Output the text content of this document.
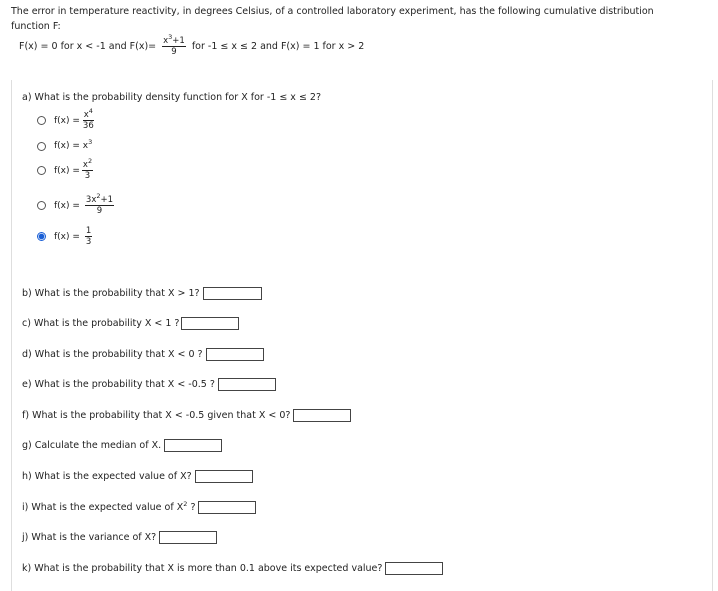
The error in temperature reactivity, in degrees Celsius, of a controlled laboratory experiment, has the following cumulative distribution
function F:
F(x) = 0 for x < -1 and $F(x)= \frac{x^3+1}{9}$ for -1 ≤ x ≤ 2 and F(x) = 1 for x > 2
a) What is the probability density function for X for -1 ≤ x ≤ 2?
$f(x) = \frac{x^4}{36}$
f(x) = x 3
$f(x) = \frac{x^2}{3}$
$f(x) = \frac{3x^2+1}{9}$
$f(x) = \frac{1}{3}$
b) What is the probability that X > 1?
c) What is the probability X < 1 ?
d) What is the probability that X < 0 ?
e) What is the probability that X < -0.5 ?
f) What is the probability that X < -0.5 given that X < 0?
g) Calculate the median of X.
h) What is the expected value of X?
i) What is the expected value of
X 2
?
j) What is the variance of X?
k) What is the probability that X is more than 0.1 above its expected value?
